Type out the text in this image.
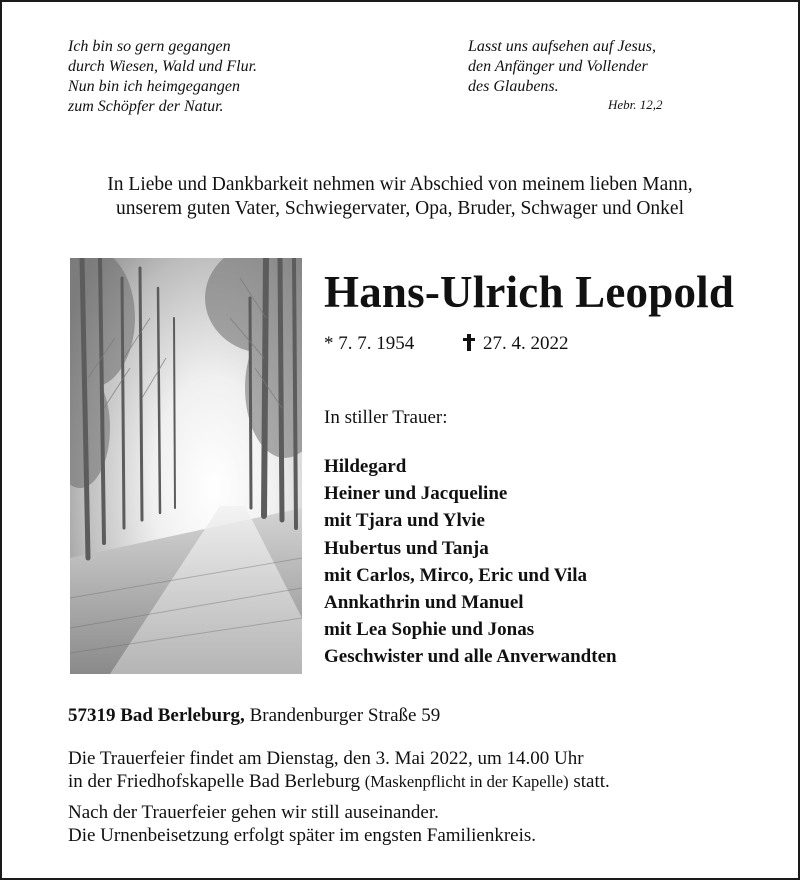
Ich bin so gern gegangen
durch Wiesen, Wald und Flur.
Nun bin ich heimgegangen
zum Schöpfer der Natur.
Lasst uns aufsehen auf Jesus,
den Anfänger und Vollender
des Glaubens.
Hebr. 12,2
In Liebe und Dankbarkeit nehmen wir Abschied von meinem lieben Mann,
unserem guten Vater, Schwiegervater, Opa, Bruder, Schwager und Onkel
Hans-Ulrich Leopold
* 7. 7. 1954	27. 4. 2022
In stiller Trauer:
Hildegard
Heiner und Jacqueline
mit Tjara und Ylvie
Hubertus und Tanja
mit Carlos, Mirco, Eric und Vila
Annkathrin und Manuel
mit Lea Sophie und Jonas
Geschwister und alle Anverwandten
57319 Bad Berleburg, Brandenburger Straße 59
Die Trauerfeier findet am Dienstag, den 3. Mai 2022, um 14.00 Uhr
in der Friedhofskapelle Bad Berleburg (Maskenpflicht in der Kapelle) statt.
Nach der Trauerfeier gehen wir still auseinander.
Die Urnenbeisetzung erfolgt später im engsten Familienkreis.
